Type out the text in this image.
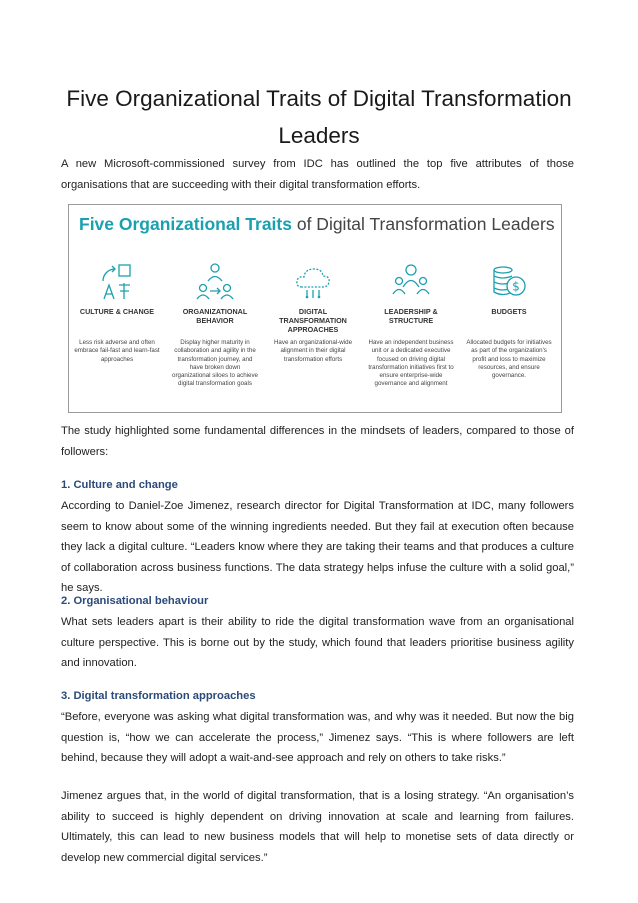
Five Organizational Traits of Digital Transformation Leaders

A new Microsoft-commissioned survey from IDC has outlined the top five attributes of those organisations that are succeeding with their digital transformation efforts.

Five Organizational Traits of Digital Transformation Leaders
CULTURE & CHANGE
Less risk adverse and often embrace fail-fast and learn-fast approaches
ORGANIZATIONAL BEHAVIOR
Display higher maturity in collaboration and agility in the transformation journey, and have broken down organizational siloes to achieve digital transformation goals
DIGITAL TRANSFORMATION APPROACHES
Have an organizational-wide alignment in their digital transformation efforts
LEADERSHIP & STRUCTURE
Have an independent business unit or a dedicated executive focused on driving digital transformation initiatives first to ensure enterprise-wide governance and alignment
$
BUDGETS
Allocated budgets for initiatives as part of the organization's profit and loss to maximize resources, and ensure governance.

The study highlighted some fundamental differences in the mindsets of leaders, compared to those of followers:

1. Culture and change

According to Daniel-Zoe Jimenez, research director for Digital Transformation at IDC, many followers seem to know about some of the winning ingredients needed. But they fail at execution often because they lack a digital culture. “Leaders know where they are taking their teams and that produces a culture of collaboration across business functions. The data strategy helps infuse the culture with a solid goal,” he says.

2. Organisational behaviour

What sets leaders apart is their ability to ride the digital transformation wave from an organisational culture perspective. This is borne out by the study, which found that leaders prioritise business agility and innovation.

3. Digital transformation approaches

“Before, everyone was asking what digital transformation was, and why was it needed. But now the big question is, “how we can accelerate the process,” Jimenez says. “This is where followers are left behind, because they will adopt a wait-and-see approach and rely on others to take risks.”

Jimenez argues that, in the world of digital transformation, that is a losing strategy. “An organisation’s ability to succeed is highly dependent on driving innovation at scale and learning from failures. Ultimately, this can lead to new business models that will help to monetise sets of data directly or develop new commercial digital services.”
